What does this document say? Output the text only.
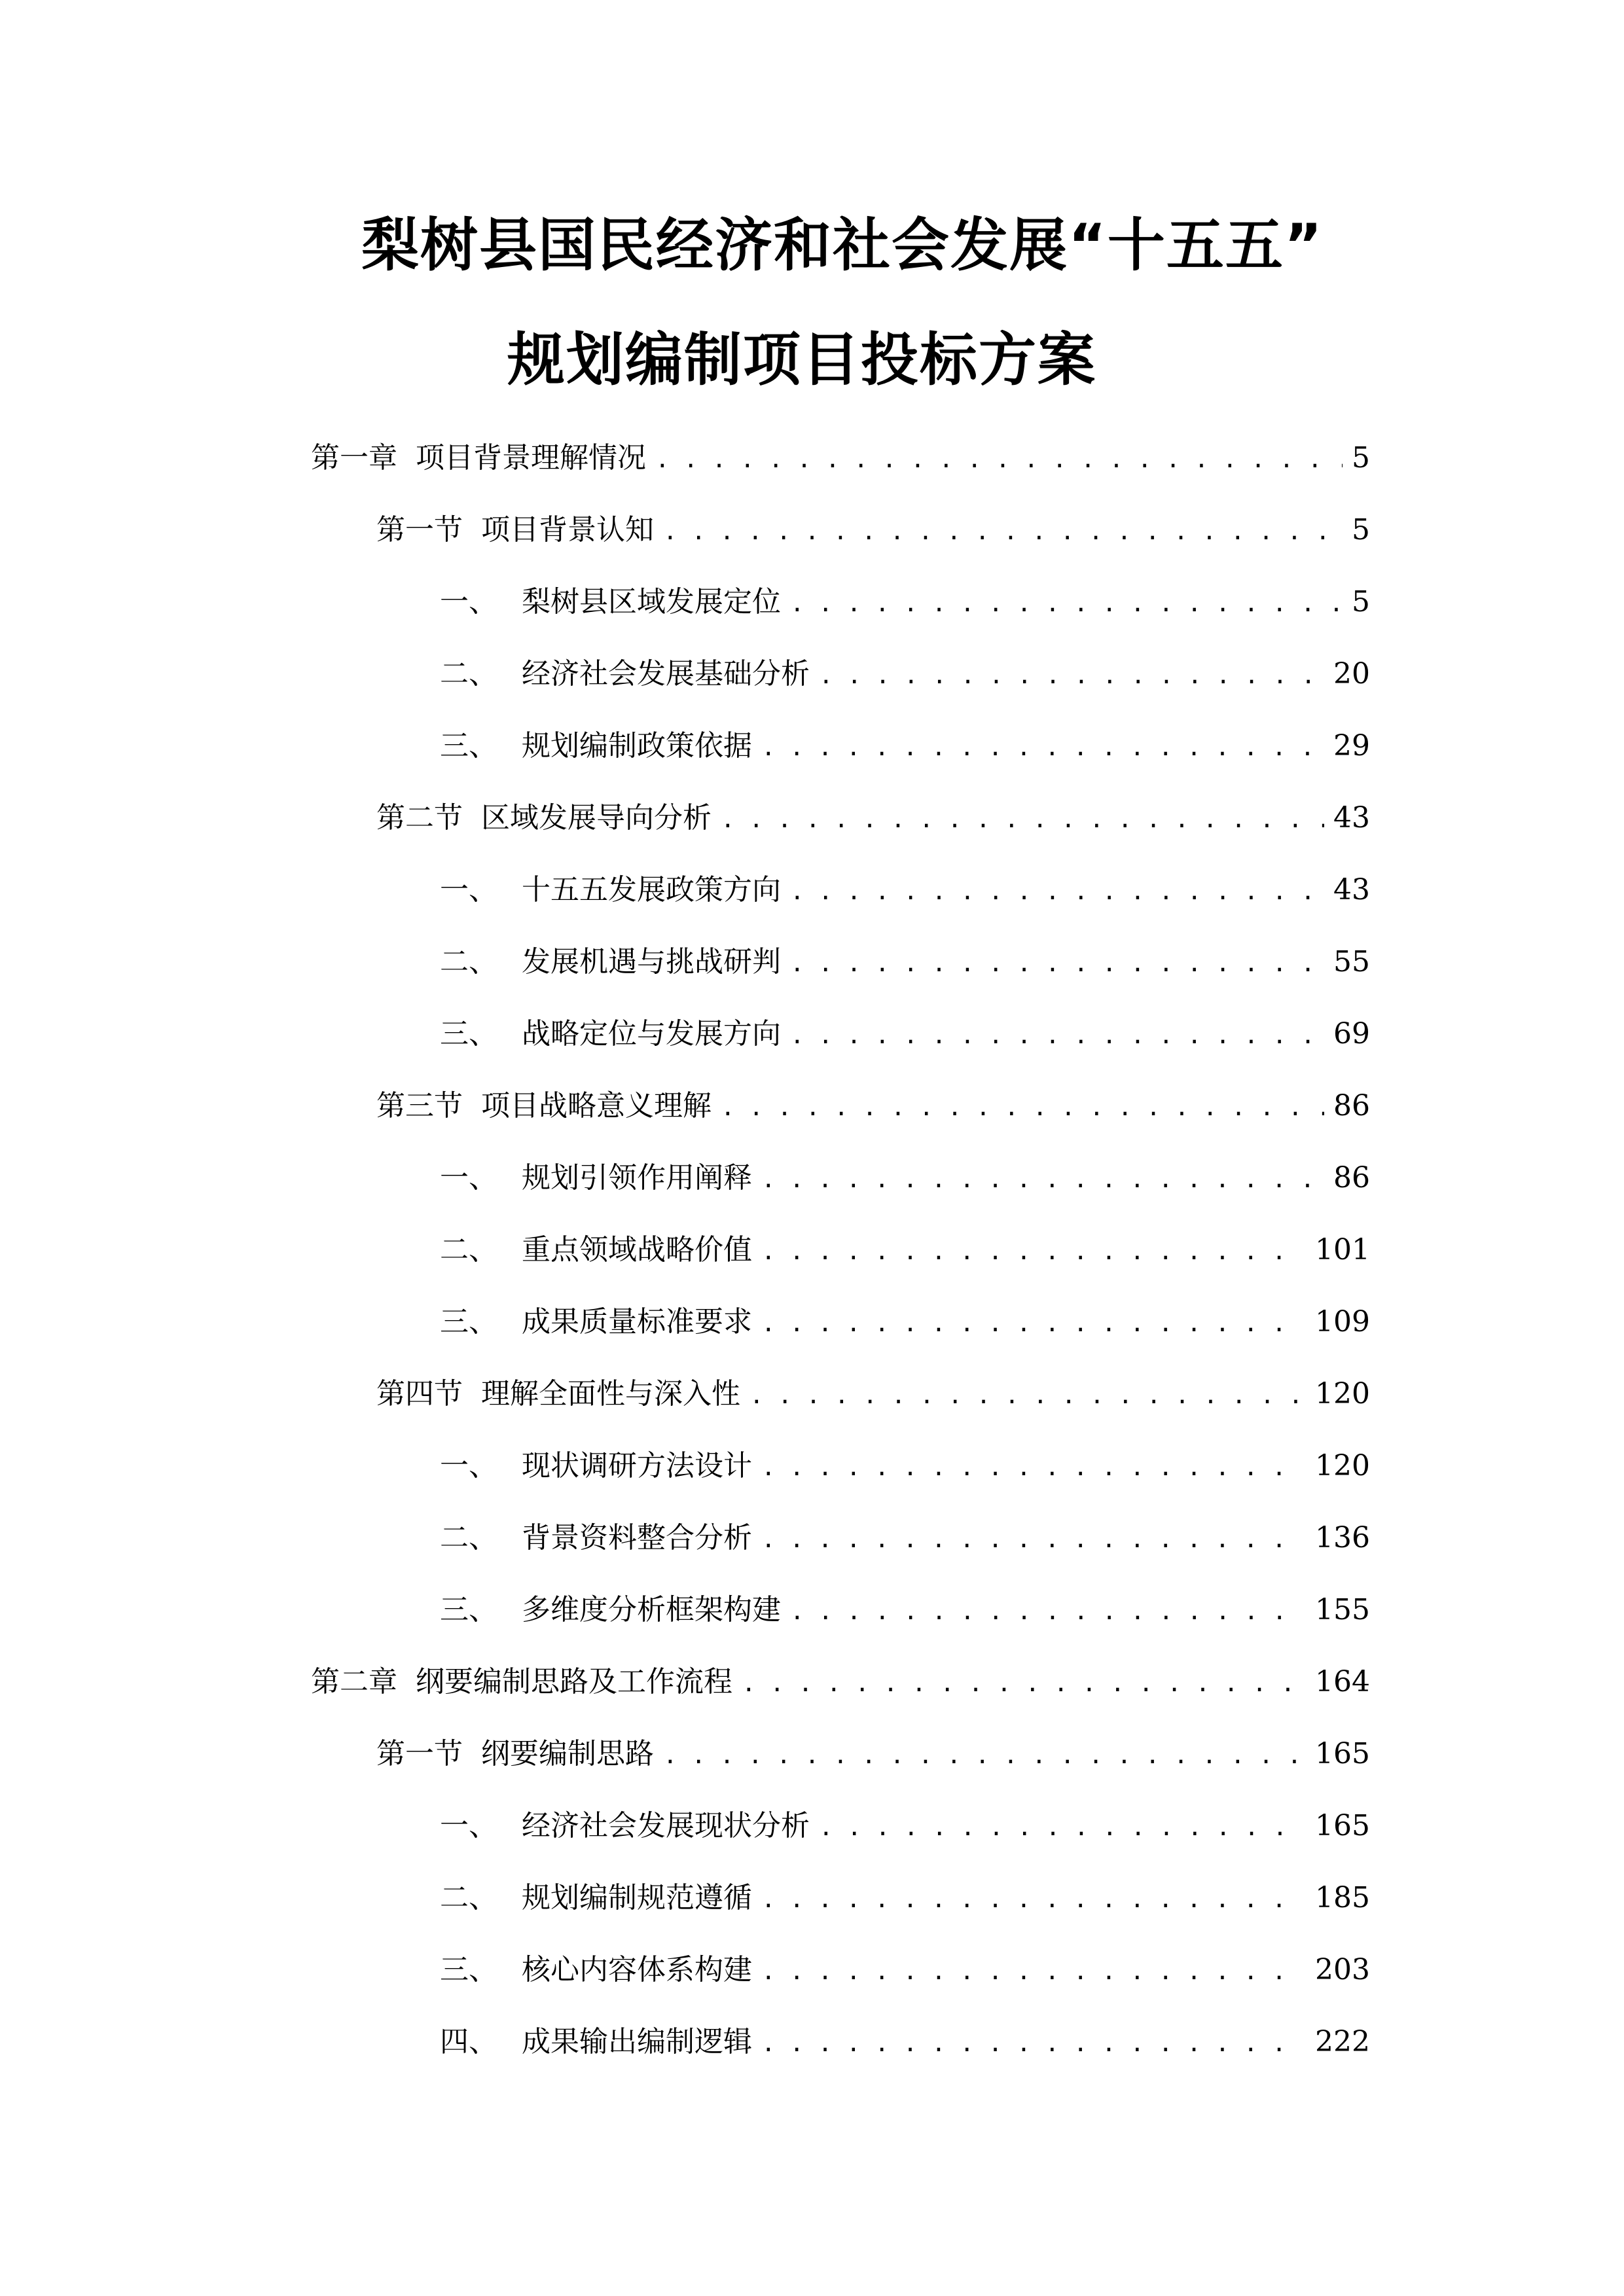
梨树县国民经济和社会发展“十五五”
规划编制项目投标方案
第一章 项目背景理解情况 . . .	5
第一节 项目背景认知 . . .	5
一、 梨树县区域发展定位 . . .	5
二、 经济社会发展基础分析 . . .	20
三、 规划编制政策依据 . . .	29
第二节 区域发展导向分析 . . .	43
一、 十五五发展政策方向 . . .	43
二、 发展机遇与挑战研判 . . .	55
三、 战略定位与发展方向 . . .	69
第三节 项目战略意义理解 . . .	86
一、 规划引领作用阐释 . . .	86
二、 重点领域战略价值 . . .	101
三、 成果质量标准要求 . . .	109
第四节 理解全面性与深入性 . . .	120
一、 现状调研方法设计 . . .	120
二、 背景资料整合分析 . . .	136
三、 多维度分析框架构建 . . .	155
第二章 纲要编制思路及工作流程 . . .	164
第一节 纲要编制思路 . . .	165
一、 经济社会发展现状分析 . . .	165
二、 规划编制规范遵循 . . .	185
三、 核心内容体系构建 . . .	203
四、 成果输出编制逻辑 . . .	222
